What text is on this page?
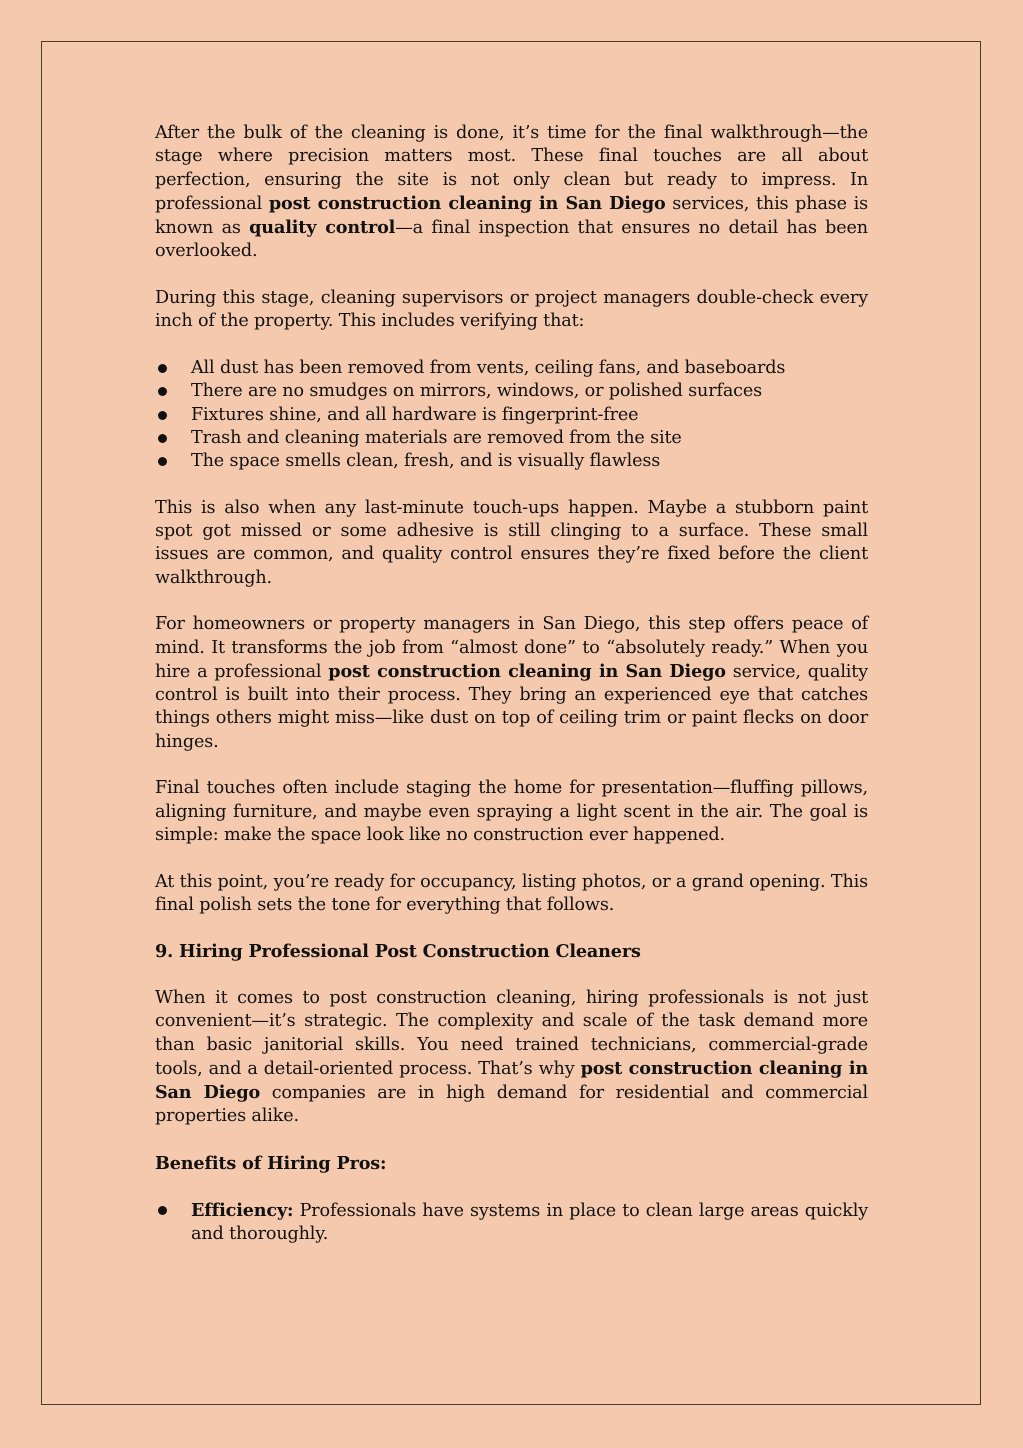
After the bulk of the cleaning is done, it’s time for the final walkthrough—the stage where precision matters most. These final touches are all about perfection, ensuring the site is not only clean but ready to impress. In professional post construction cleaning in San Diego services, this phase is known as quality control—a final inspection that ensures no detail has been overlooked.

During this stage, cleaning supervisors or project managers double-check every inch of the property. This includes verifying that:

All dust has been removed from vents, ceiling fans, and baseboards
There are no smudges on mirrors, windows, or polished surfaces
Fixtures shine, and all hardware is fingerprint-free
Trash and cleaning materials are removed from the site
The space smells clean, fresh, and is visually flawless

This is also when any last-minute touch-ups happen. Maybe a stubborn paint spot got missed or some adhesive is still clinging to a surface. These small issues are common, and quality control ensures they’re fixed before the client walkthrough.

For homeowners or property managers in San Diego, this step offers peace of mind. It transforms the job from “almost done” to “absolutely ready.” When you hire a professional post construction cleaning in San Diego service, quality control is built into their process. They bring an experienced eye that catches things others might miss—like dust on top of ceiling trim or paint flecks on door hinges.

Final touches often include staging the home for presentation—fluffing pillows, aligning furniture, and maybe even spraying a light scent in the air. The goal is simple: make the space look like no construction ever happened.

At this point, you’re ready for occupancy, listing photos, or a grand opening. This final polish sets the tone for everything that follows.

9. Hiring Professional Post Construction Cleaners

When it comes to post construction cleaning, hiring professionals is not just convenient—it’s strategic. The complexity and scale of the task demand more than basic janitorial skills. You need trained technicians, commercial-grade tools, and a detail-oriented process. That’s why post construction cleaning in San Diego companies are in high demand for residential and commercial properties alike.

Benefits of Hiring Pros:

Efficiency: Professionals have systems in place to clean large areas quickly and thoroughly.
